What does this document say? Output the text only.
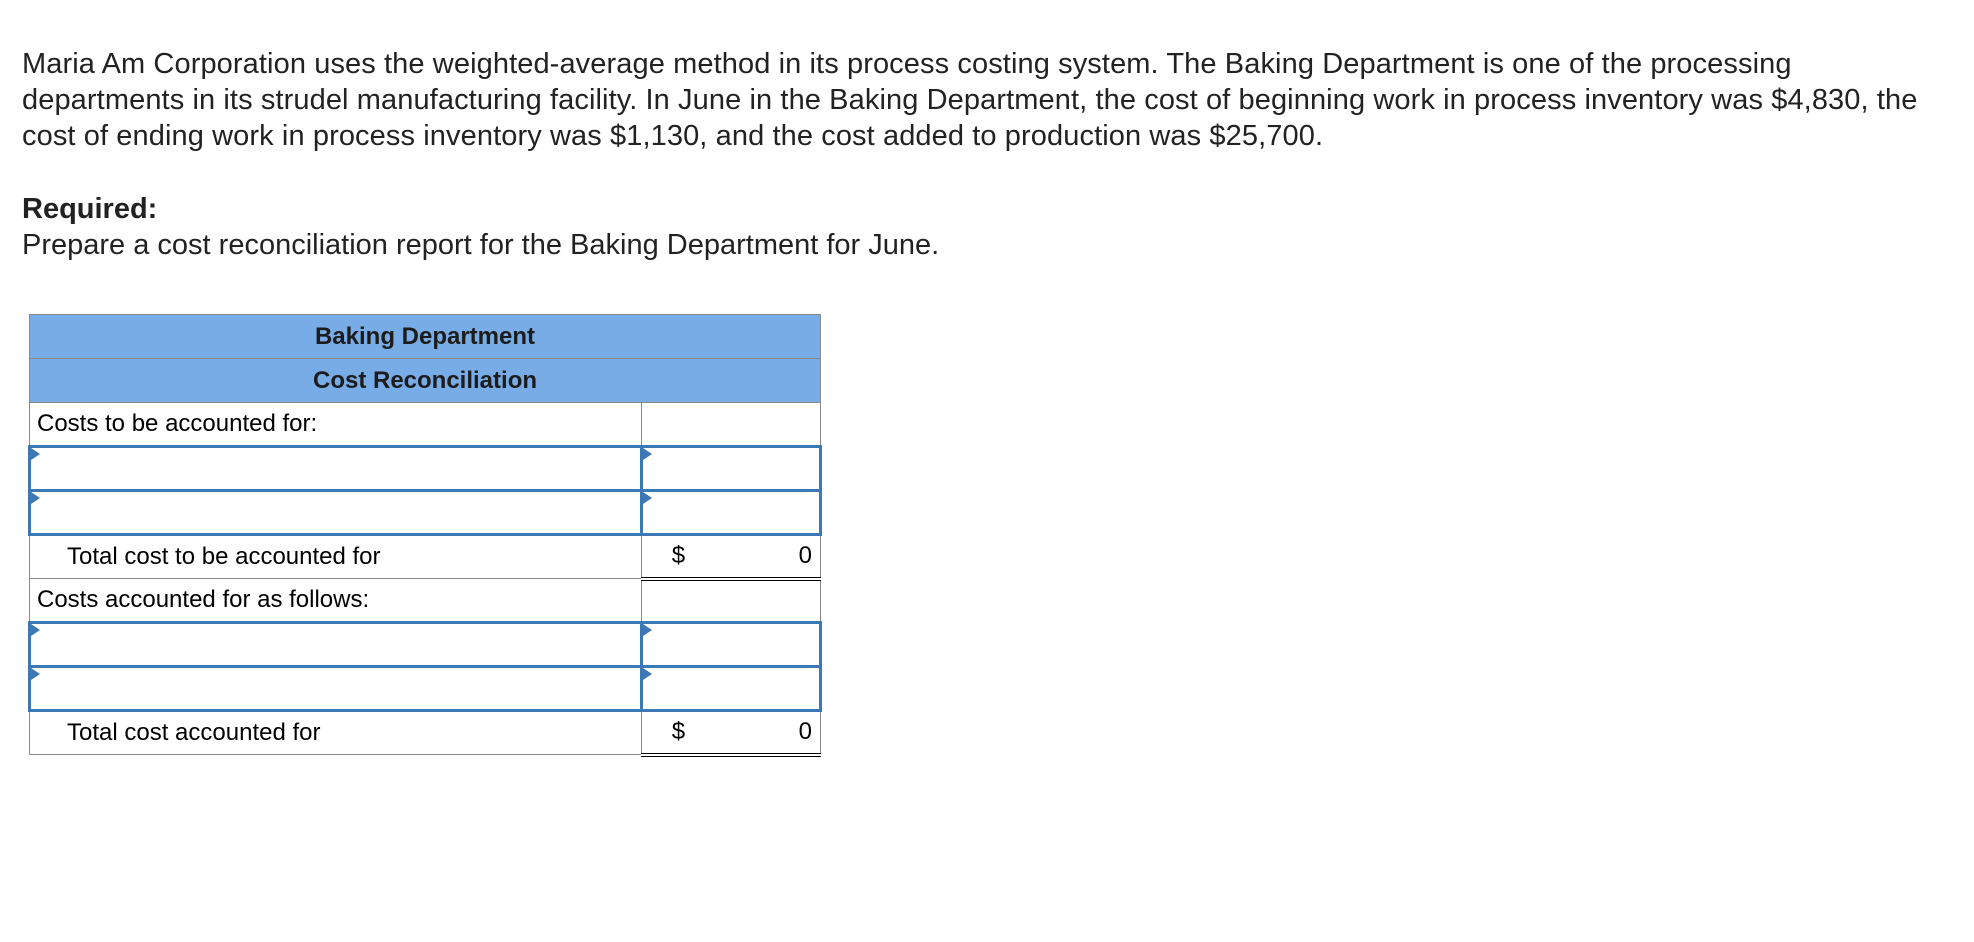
Maria Am Corporation uses the weighted-average method in its process costing system. The Baking Department is one of the processing departments in its strudel manufacturing facility. In June in the Baking Department, the cost of beginning work in process inventory was $4,830, the cost of ending work in process inventory was $1,130, and the cost added to production was $25,700.

Required:
Prepare a cost reconciliation report for the Baking Department for June.
Baking Department	
Cost Reconciliation	
Costs to be accounted for:	

Total cost to be accounted for	$ 0

Costs accounted for as follows:	

Total cost accounted for	$ 0
